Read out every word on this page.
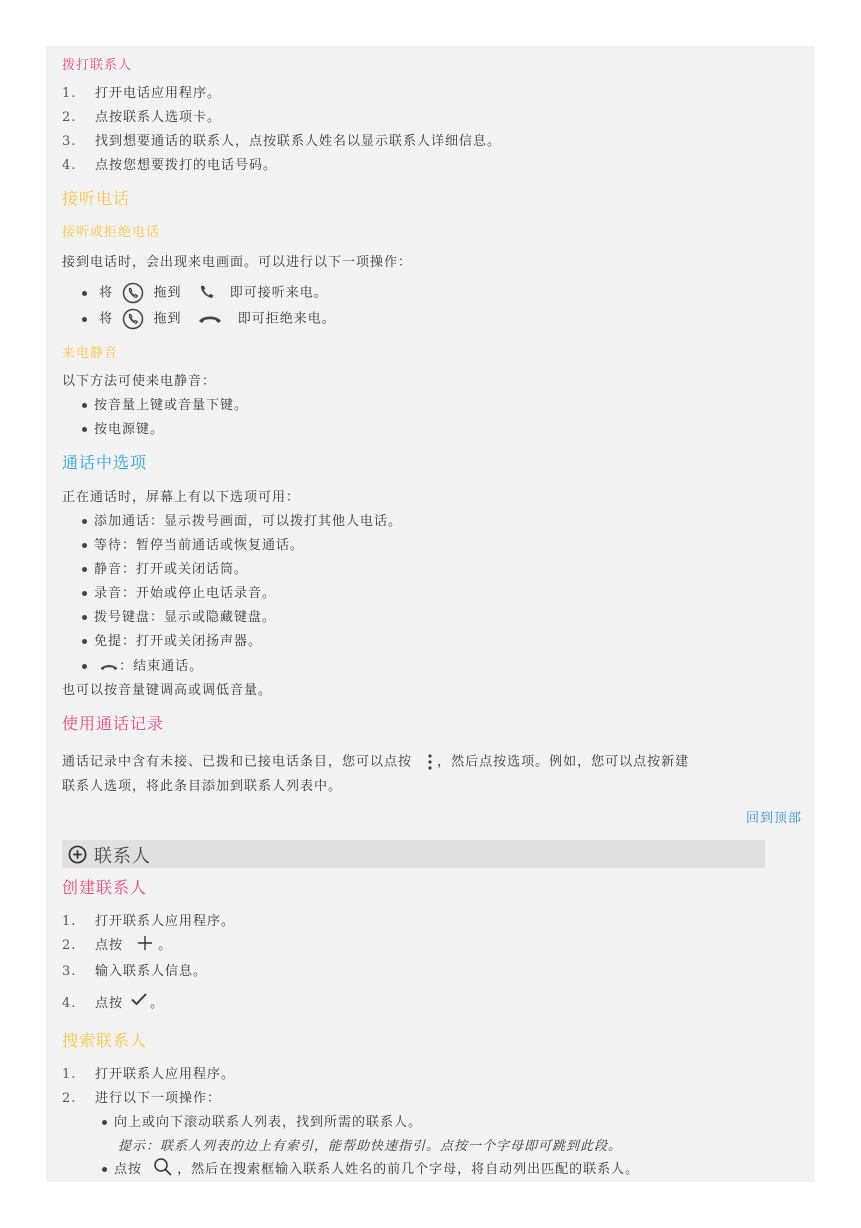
拨打联系人
1. 打开电话应用程序。
2. 点按联系人选项卡。
3. 找到想要通话的联系人，点按联系人姓名以显示联系人详细信息。
4. 点按您想要拨打的电话号码。
接听电话
接听或拒绝电话
接到电话时，会出现来电画面。可以进行以下一项操作：
将	拖到	即可接听来电。
将	拖到	即可拒绝来电。
来电静音
以下方法可使来电静音：
按音量上键或音量下键。
按电源键。
通话中选项
正在通话时，屏幕上有以下选项可用：
添加通话：显示拨号画面，可以拨打其他人电话。
等待：暂停当前通话或恢复通话。
静音：打开或关闭话筒。
录音：开始或停止电话录音。
拨号键盘：显示或隐藏键盘。
免提：打开或关闭扬声器。
：结束通话。
也可以按音量键调高或调低音量。
使用通话记录
通话记录中含有未接、已拨和已接电话条目，您可以点按 ，然后点按选项。例如，您可以点按新建
联系人选项，将此条目添加到联系人列表中。
回到顶部
联系人
创建联系人
1. 打开联系人应用程序。
2. 点按	。
3. 输入联系人信息。
4. 点按 。
搜索联系人
1. 打开联系人应用程序。
2. 进行以下一项操作：
向上或向下滚动联系人列表，找到所需的联系人。
提示：联系人列表的边上有索引，能帮助快速指引。点按一个字母即可跳到此段。
点按	，然后在搜索框输入联系人姓名的前几个字母，将自动列出匹配的联系人。
